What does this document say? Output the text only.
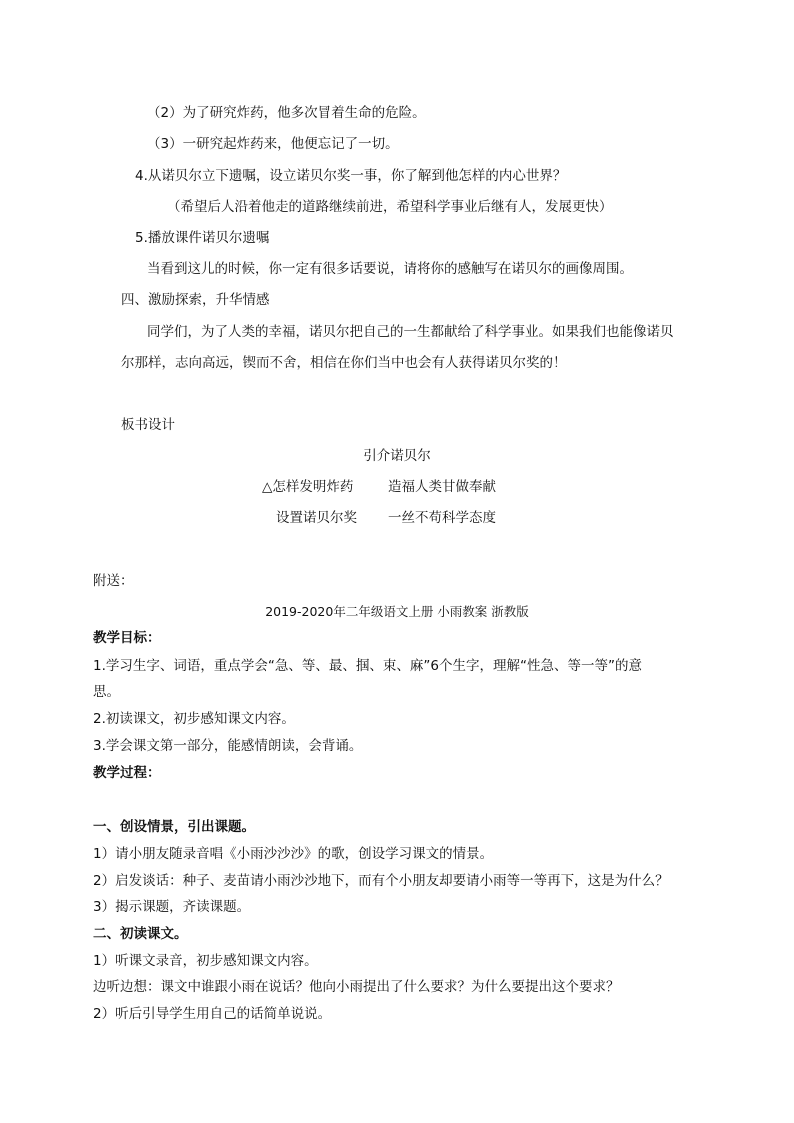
（2）为了研究炸药，他多次冒着生命的危险。
（3）一研究起炸药来，他便忘记了一切。
4.从诺贝尔立下遗嘱，设立诺贝尔奖一事，你了解到他怎样的内心世界？
（希望后人沿着他走的道路继续前进，希望科学事业后继有人，发展更快）
5.播放课件诺贝尔遗嘱
当看到这儿的时候，你一定有很多话要说，请将你的感触写在诺贝尔的画像周围。
四、激励探索，升华情感
同学们，为了人类的幸福，诺贝尔把自己的一生都献给了科学事业。如果我们也能像诺贝
尔那样，志向高远，锲而不舍，相信在你们当中也会有人获得诺贝尔奖的！
板书设计
引介诺贝尔
△怎样发明炸药	造福人类甘做奉献
设置诺贝尔奖 一丝不苟科学态度
附送：
2019-2020年二年级语文上册 小雨教案 浙教版
教学目标：
1.学习生字、词语，重点学会“急、等、最、掴、束、麻”6个生字，理解“性急、等一等”的意
思。
2.初读课文，初步感知课文内容。
3.学会课文第一部分，能感情朗读，会背诵。
教学过程：
一、创设情景，引出课题。
1）请小朋友随录音唱《小雨沙沙沙》的歌，创设学习课文的情景。
2）启发谈话：种子、麦苗请小雨沙沙地下，而有个小朋友却要请小雨等一等再下，这是为什么？
3）揭示课题，齐读课题。
二、初读课文。
1）听课文录音，初步感知课文内容。
边听边想：课文中谁跟小雨在说话？他向小雨提出了什么要求？为什么要提出这个要求？
2）听后引导学生用自己的话简单说说。
